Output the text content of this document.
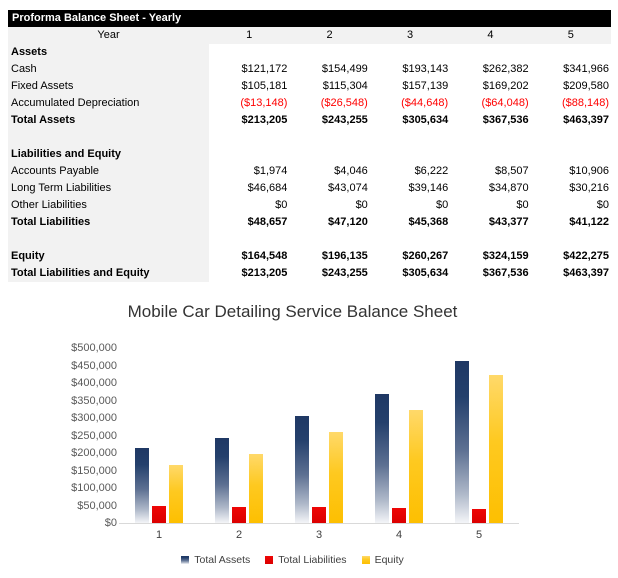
Proforma Balance Sheet - Yearly
Year	1	2	3	4	5
Assets
Cash	$121,172	$154,499	$193,143	$262,382	$341,966
Fixed Assets	$105,181	$115,304	$157,139	$169,202	$209,580
Accumulated Depreciation	($13,148)	($26,548)	($44,648)	($64,048)	($88,148)
Total Assets	$213,205	$243,255	$305,634	$367,536	$463,397
Liabilities and Equity
Accounts Payable	$1,974	$4,046	$6,222	$8,507	$10,906
Long Term Liabilities	$46,684	$43,074	$39,146	$34,870	$30,216
Other Liabilities	$0	$0	$0	$0	$0
Total Liabilities	$48,657	$47,120	$45,368	$43,377	$41,122
Equity	$164,548	$196,135	$260,267	$324,159	$422,275
Total Liabilities and Equity	$213,205	$243,255	$305,634	$367,536	$463,397
Mobile Car Detailing Service Balance Sheet
$0
$50,000
$100,000
$150,000
$200,000
$250,000
$300,000
$350,000
$400,000
$450,000
$500,000
1	2	3	4	5
Total Assets	Total Liabilities	Equity
